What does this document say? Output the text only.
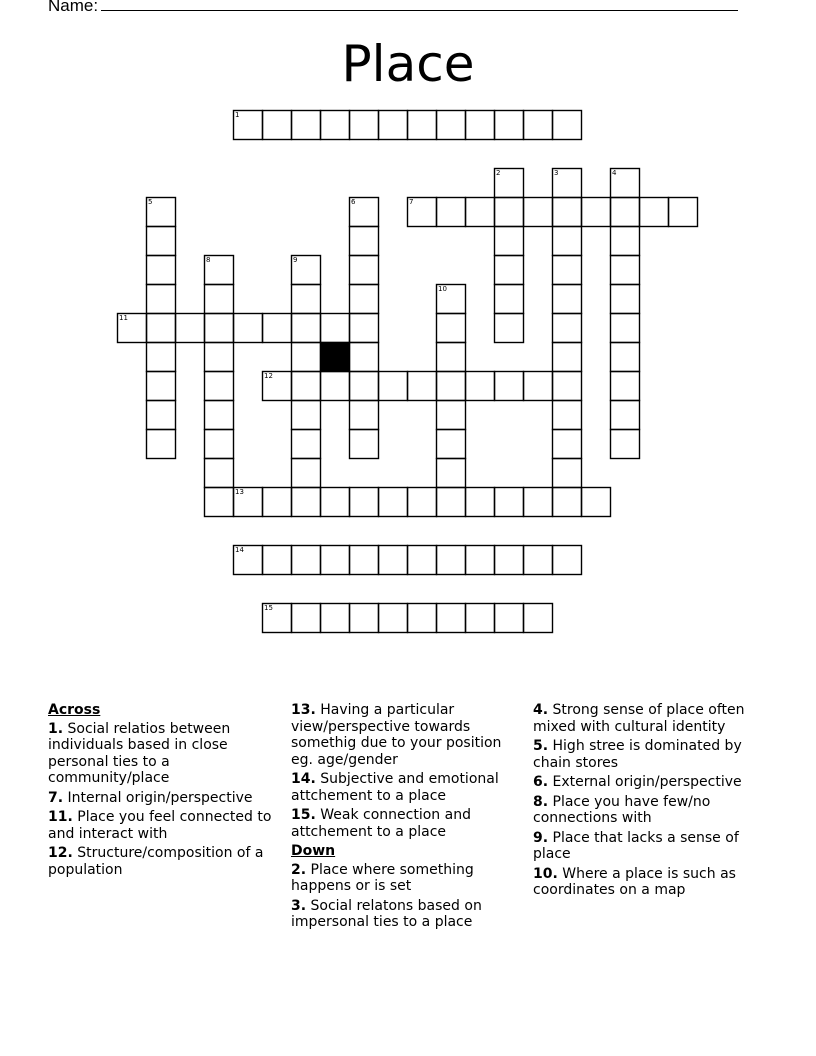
Name:
Place
1
2	3	4
5	6	7
8	9
10
11
12
13
14
15
Across
1. Social relatios between individuals based in close personal ties to a community/place
7. Internal origin/perspective
11. Place you feel connected to and interact with
12. Structure/composition of a population
13. Having a particular view/perspective towards somethig due to your position eg. age/gender
14. Subjective and emotional attchement to a place
15. Weak connection and attchement to a place
Down
2. Place where something happens or is set
3. Social relatons based on impersonal ties to a place
4. Strong sense of place often mixed with cultural identity
5. High stree is dominated by chain stores
6. External origin/perspective
8. Place you have few/no connections with
9. Place that lacks a sense of place
10. Where a place is such as coordinates on a map
